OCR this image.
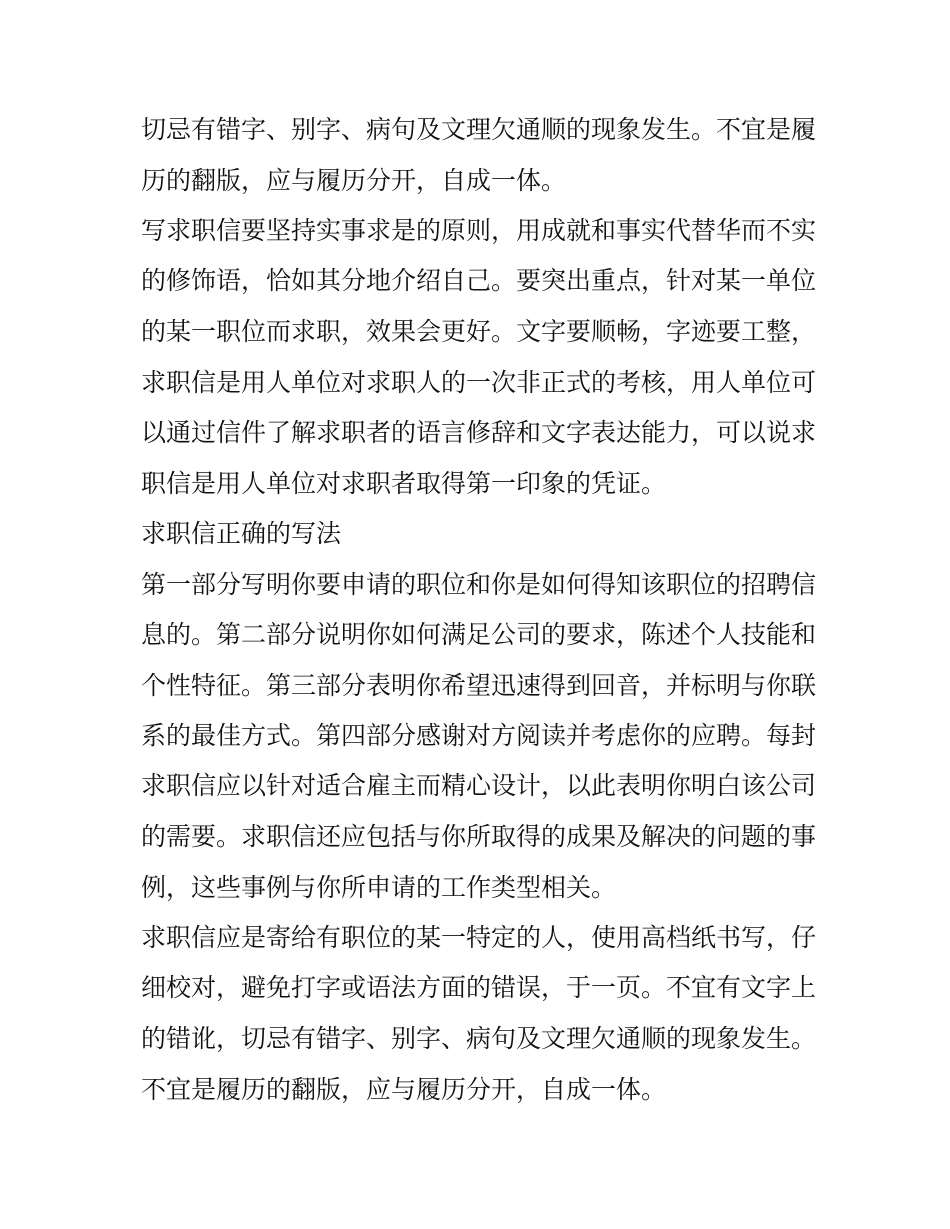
切忌有错字、别字、病句及文理欠通顺的现象发生。不宜是履

历的翻版，应与履历分开，自成一体。

写求职信要坚持实事求是的原则，用成就和事实代替华而不实

的修饰语，恰如其分地介绍自己。要突出重点，针对某一单位

的某一职位而求职，效果会更好。文字要顺畅，字迹要工整，

求职信是用人单位对求职人的一次非正式的考核，用人单位可

以通过信件了解求职者的语言修辞和文字表达能力，可以说求

职信是用人单位对求职者取得第一印象的凭证。

求职信正确的写法

第一部分写明你要申请的职位和你是如何得知该职位的招聘信

息的。第二部分说明你如何满足公司的要求，陈述个人技能和

个性特征。第三部分表明你希望迅速得到回音，并标明与你联

系的最佳方式。第四部分感谢对方阅读并考虑你的应聘。每封

求职信应以针对适合雇主而精心设计，以此表明你明白该公司

的需要。求职信还应包括与你所取得的成果及解决的问题的事

例，这些事例与你所申请的工作类型相关。

求职信应是寄给有职位的某一特定的人，使用高档纸书写，仔

细校对，避免打字或语法方面的错误，于一页。不宜有文字上

的错讹，切忌有错字、别字、病句及文理欠通顺的现象发生。

不宜是履历的翻版，应与履历分开，自成一体。
